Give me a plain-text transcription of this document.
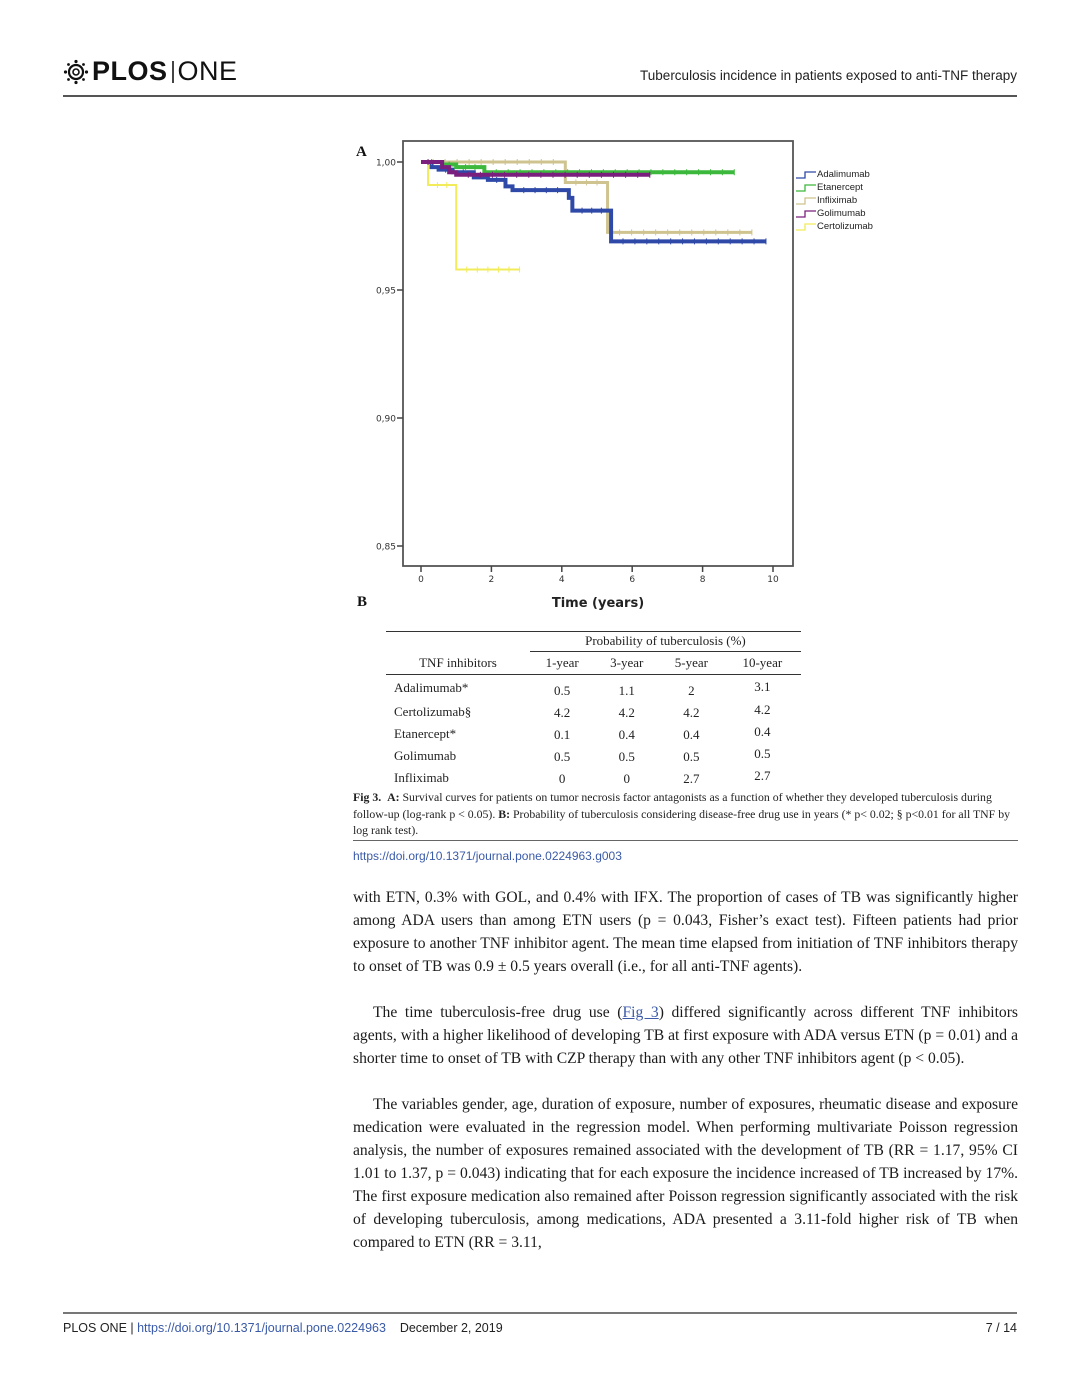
PLOS ONE	Tuberculosis incidence in patients exposed to anti-TNF therapy
A
B
1,00
0,95
0,90
0,85
0	2	4	6	8	10
Time (years)
Adalimumab
Etanercept
Infliximab
Golimumab
Certolizumab
	Probability of tuberculosis (%)			
TNF inhibitors	1-year	3-year	5-year	10-year
Adalimumab*	0.5	1.1	2	3.1
Certolizumab§	4.2	4.2	4.2	4.2
Etanercept*	0.1	0.4	0.4	0.4
Golimumab	0.5	0.5	0.5	0.5
Infliximab	0	0	2.7	2.7
Fig 3. A: Survival curves for patients on tumor necrosis factor antagonists as a function of whether they developed tuberculosis during follow-up (log-rank p < 0.05). B: Probability of tuberculosis considering disease-free drug use in years (* p< 0.02; § p<0.01 for all TNF by log rank test).
https://doi.org/10.1371/journal.pone.0224963.g003

with ETN, 0.3% with GOL, and 0.4% with IFX. The proportion of cases of TB was significantly higher among ADA users than among ETN users (p = 0.043, Fisher’s exact test). Fifteen patients had prior exposure to another TNF inhibitor agent. The mean time elapsed from initiation of TNF inhibitors therapy to onset of TB was 0.9 ± 0.5 years overall (i.e., for all anti-TNF agents).

The time tuberculosis-free drug use (Fig 3) differed significantly across different TNF inhibitors agents, with a higher likelihood of developing TB at first exposure with ADA versus ETN (p = 0.01) and a shorter time to onset of TB with CZP therapy than with any other TNF inhibitors agent (p < 0.05).

The variables gender, age, duration of exposure, number of exposures, rheumatic disease and exposure medication were evaluated in the regression model. When performing multivariate Poisson regression analysis, the number of exposures remained associated with the development of TB (RR = 1.17, 95% CI 1.01 to 1.37, p = 0.043) indicating that for each exposure the incidence increased of TB increased by 17%. The first exposure medication also remained after Poisson regression significantly associated with the risk of developing tuberculosis, among medications, ADA presented a 3.11-fold higher risk of TB when compared to ETN (RR = 3.11,

PLOS ONE | https://doi.org/10.1371/journal.pone.0224963 December 2, 2019	7 / 14
